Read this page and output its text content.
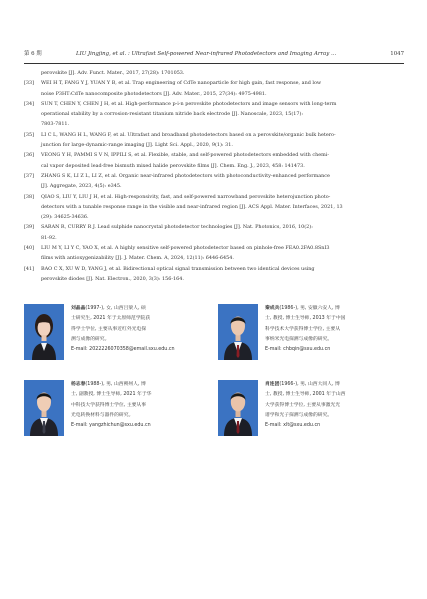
第 6 期	LIU Jingjing, et al. : Ultrafast Self-powered Near-infrared Photodetectors and Imaging Array …	1047
perovskite [J]. Adv. Funct. Mater., 2017, 27(28): 1701053.
[33] WEI H T, FANG Y J, YUAN Y B, et al. Trap engineering of CdTe nanoparticle for high gain, fast response, and low
noise P3HT:CdTe nanocomposite photodetectors [J]. Adv. Mater., 2015, 27(34): 4975-4981.
[34] SUN T, CHEN Y, CHEN J H, et al. High-performance p-i-n perovskite photodetectors and image sensors with long-term
operational stability by a corrosion-resistant titanium nitride back electrode [J]. Nanoscale, 2023, 15(17):
7803-7811.
[35] LI C L, WANG H L, WANG F, et al. Ultrafast and broadband photodetectors based on a perovskite/organic bulk hetero-
junction for large-dynamic-range imaging [J]. Light Sci. Appl., 2020, 9(1): 31.
[36] VEONG Y H, PAMMI S V N, IPPILI S, et al. Flexible, stable, and self-powered photodetectors embedded with chemi-
cal vapor deposited lead-free bismuth mixed halide perovskite films [J]. Chem. Eng. J., 2023, 458: 141473.
[37] ZHANG S K, LI Z L, LI Z, et al. Organic near-infrared photodetectors with photoconductivity-enhanced performance
[J]. Aggregate, 2023, 4(5): e345.
[38] QIAO S, LIU Y, LIU J H, et al. High-responsivity, fast, and self-powered narrowband perovskite heterojunction photo-
detectors with a tunable response range in the visible and near-infrared region [J]. ACS Appl. Mater. Interfaces, 2021, 13
(29): 34625-34636.
[39] SARAN R, CURRY R J. Lead sulphide nanocrystal photodetector technologies [J]. Nat. Photonics, 2016, 10(2):
81-92.
[40] LIU M Y, LI Y C, YAO X, et al. A highly sensitive self-powered photodetector based on pinhole-free FEA0.2FA0.8SnI3
films with antioxygenizability [J]. J. Mater. Chem. A, 2024, 12(11): 6446-6454.
[41] BAO C X, XU W D, YANG J, et al. Bidirectional optical signal transmission between two identical devices using
perovskite diodes [J]. Nat. Electron., 2020, 3(3): 156-164.
刘晶晶(1997-), 女, 山西吕梁人, 硕
士研究生, 2021 年于太原师范学院获
得学士学位, 主要从事近红外光电探
测与成像的研究。
E-mail: 2022226070358@email.sxu.edu.cn
秦成兵(1986-), 男, 安徽六安人, 博
士, 教授, 博士生导师, 2013 年于中国
科学技术大学获得博士学位, 主要从
事纳米光电探测与成像的研究。
E-mail: chbqin@sxu.edu.cn
杨志春(1988-), 男, 山西朔州人, 博
士, 副教授, 博士生导师, 2021 年于华
中科技大学获得博士学位, 主要从事
光电转换材料与器件的研究。
E-mail: yangzhichun@sxu.edu.cn
肖连团(1966-), 男, 山西大同人, 博
士, 教授, 博士生导师, 2001 年于山西
大学获得博士学位, 主要从事激光光
谱学和光子探测与成像的研究。
E-mail: xlt@sxu.edu.cn
